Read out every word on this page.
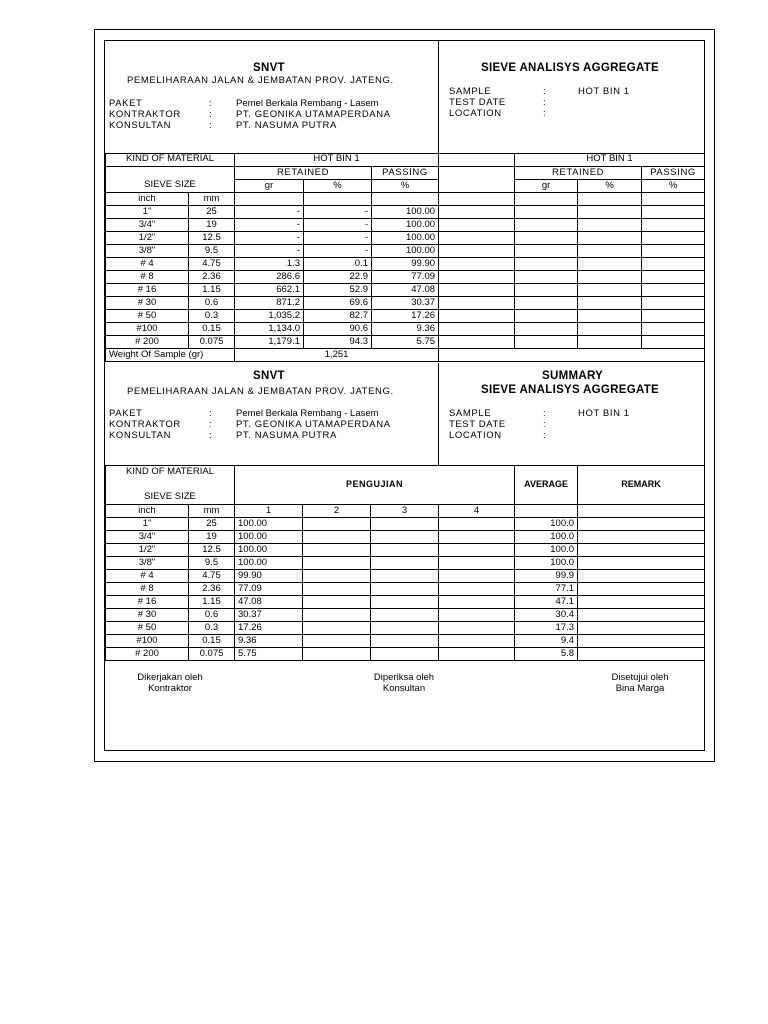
SNVT
PEMELIHARAAN JALAN & JEMBATAN PROV. JATENG.
PAKET	:	Pemel Berkala Rembang - Lasem
KONTRAKTOR	:	PT. GEONIKA UTAMAPERDANA
KONSULTAN	:	PT. NASUMA PUTRA
SIEVE ANALISYS AGGREGATE
SAMPLE	:	HOT BIN 1
TEST DATE	:
LOCATION	:
KIND OF MATERIAL		HOT BIN 1				HOT BIN 1		
		RETAINED		PASSING		RETAINED		PASSING
SIEVE SIZE		gr	%	%		gr	%	%
inch	mm							
1"	25	-	-	100.00				
3/4"	19	-	-	100.00				
1/2"	12.5	-	-	100.00				
3/8"	9.5	-	-	100.00				
# 4	4.75	1.3	0.1	99.90				
# 8	2.36	286.6	22.9	77.09				
# 16	1.15	662.1	52.9	47.08				
# 30	0.6	871.2	69.6	30.37				
# 50	0.3	1,035.2	82.7	17.26				
#100	0.15	1,134.0	90.6	9.36				
# 200	0.075	1,179.1	94.3	5.75				
Weight Of Sample (gr)		1,251						
SNVT
PEMELIHARAAN JALAN & JEMBATAN PROV. JATENG.
PAKET	:	Pemel Berkala Rembang - Lasem
KONTRAKTOR	:	PT. GEONIKA UTAMAPERDANA
KONSULTAN	:	PT. NASUMA PUTRA
SUMMARY
SIEVE ANALISYS AGGREGATE
SAMPLE	:	HOT BIN 1
TEST DATE	:
LOCATION	:
KIND OF MATERIAL		PENGUJIAN				AVERAGE	REMARK

SIEVE SIZE							
inch	mm	1	2	3	4		
1"	25	100.00				100.0	
3/4"	19	100.00				100.0	
1/2"	12.5	100.00				100.0	
3/8"	9.5	100.00				100.0	
# 4	4.75	99.90				99.9	
# 8	2.36	77.09				77.1	
# 16	1.15	47.08				47.1	
# 30	0.6	30.37				30.4	
# 50	0.3	17.26				17.3	
#100	0.15	9.36				9.4	
# 200	0.075	5.75				5.8	
Dikerjakan oleh
Kontraktor
Diperiksa oleh
Konsultan
Disetujui oleh
Bina Marga
